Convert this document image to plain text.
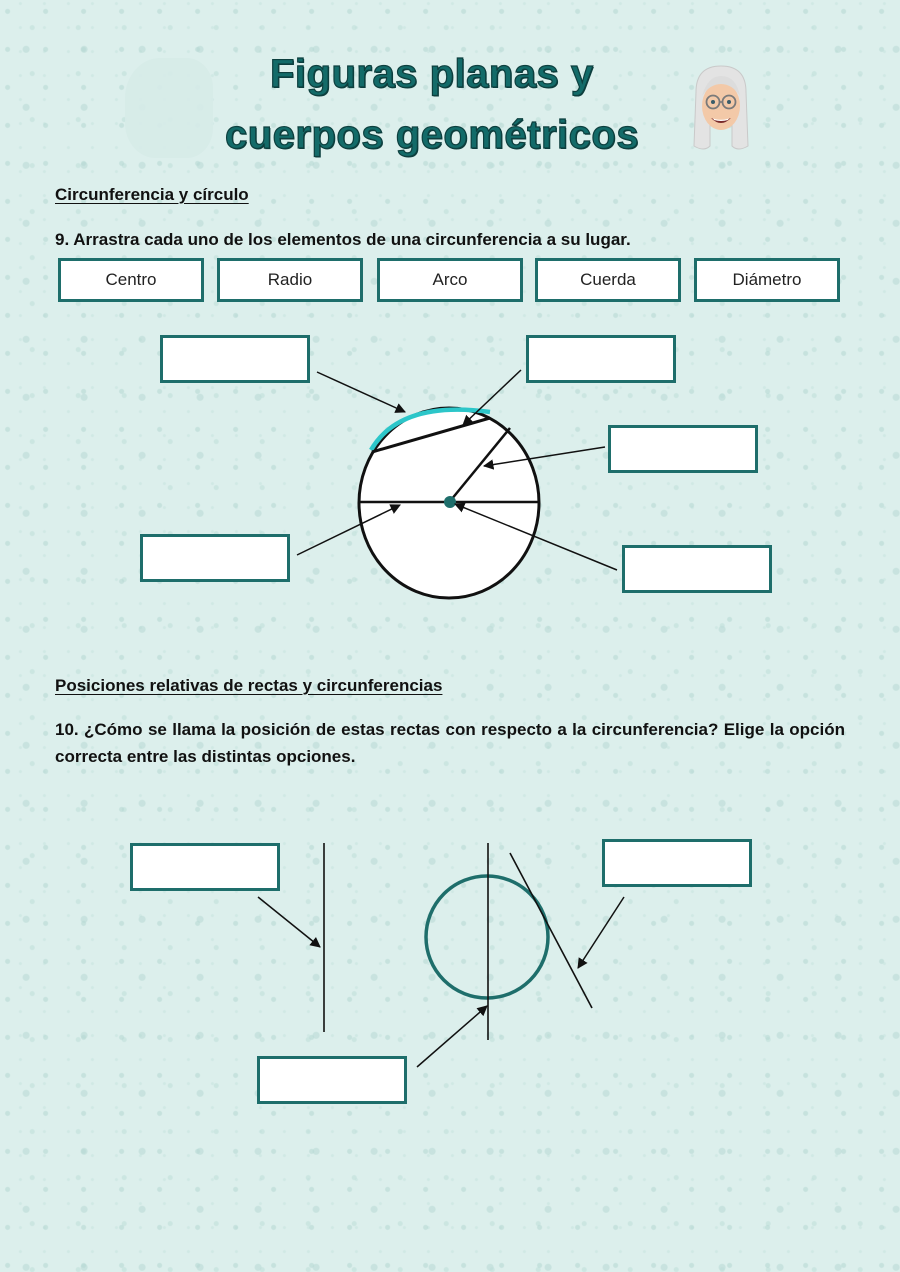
Figuras planas y
cuerpos geométricos
Circunferencia y círculo
9. Arrastra cada uno de los elementos de una circunferencia a su lugar.
Centro	Radio	Arco	Cuerda	Diámetro
Posiciones relativas de rectas y circunferencias
10. ¿Cómo se llama la posición de estas rectas con respecto a la circunferencia? Elige la opción correcta entre las distintas opciones.
